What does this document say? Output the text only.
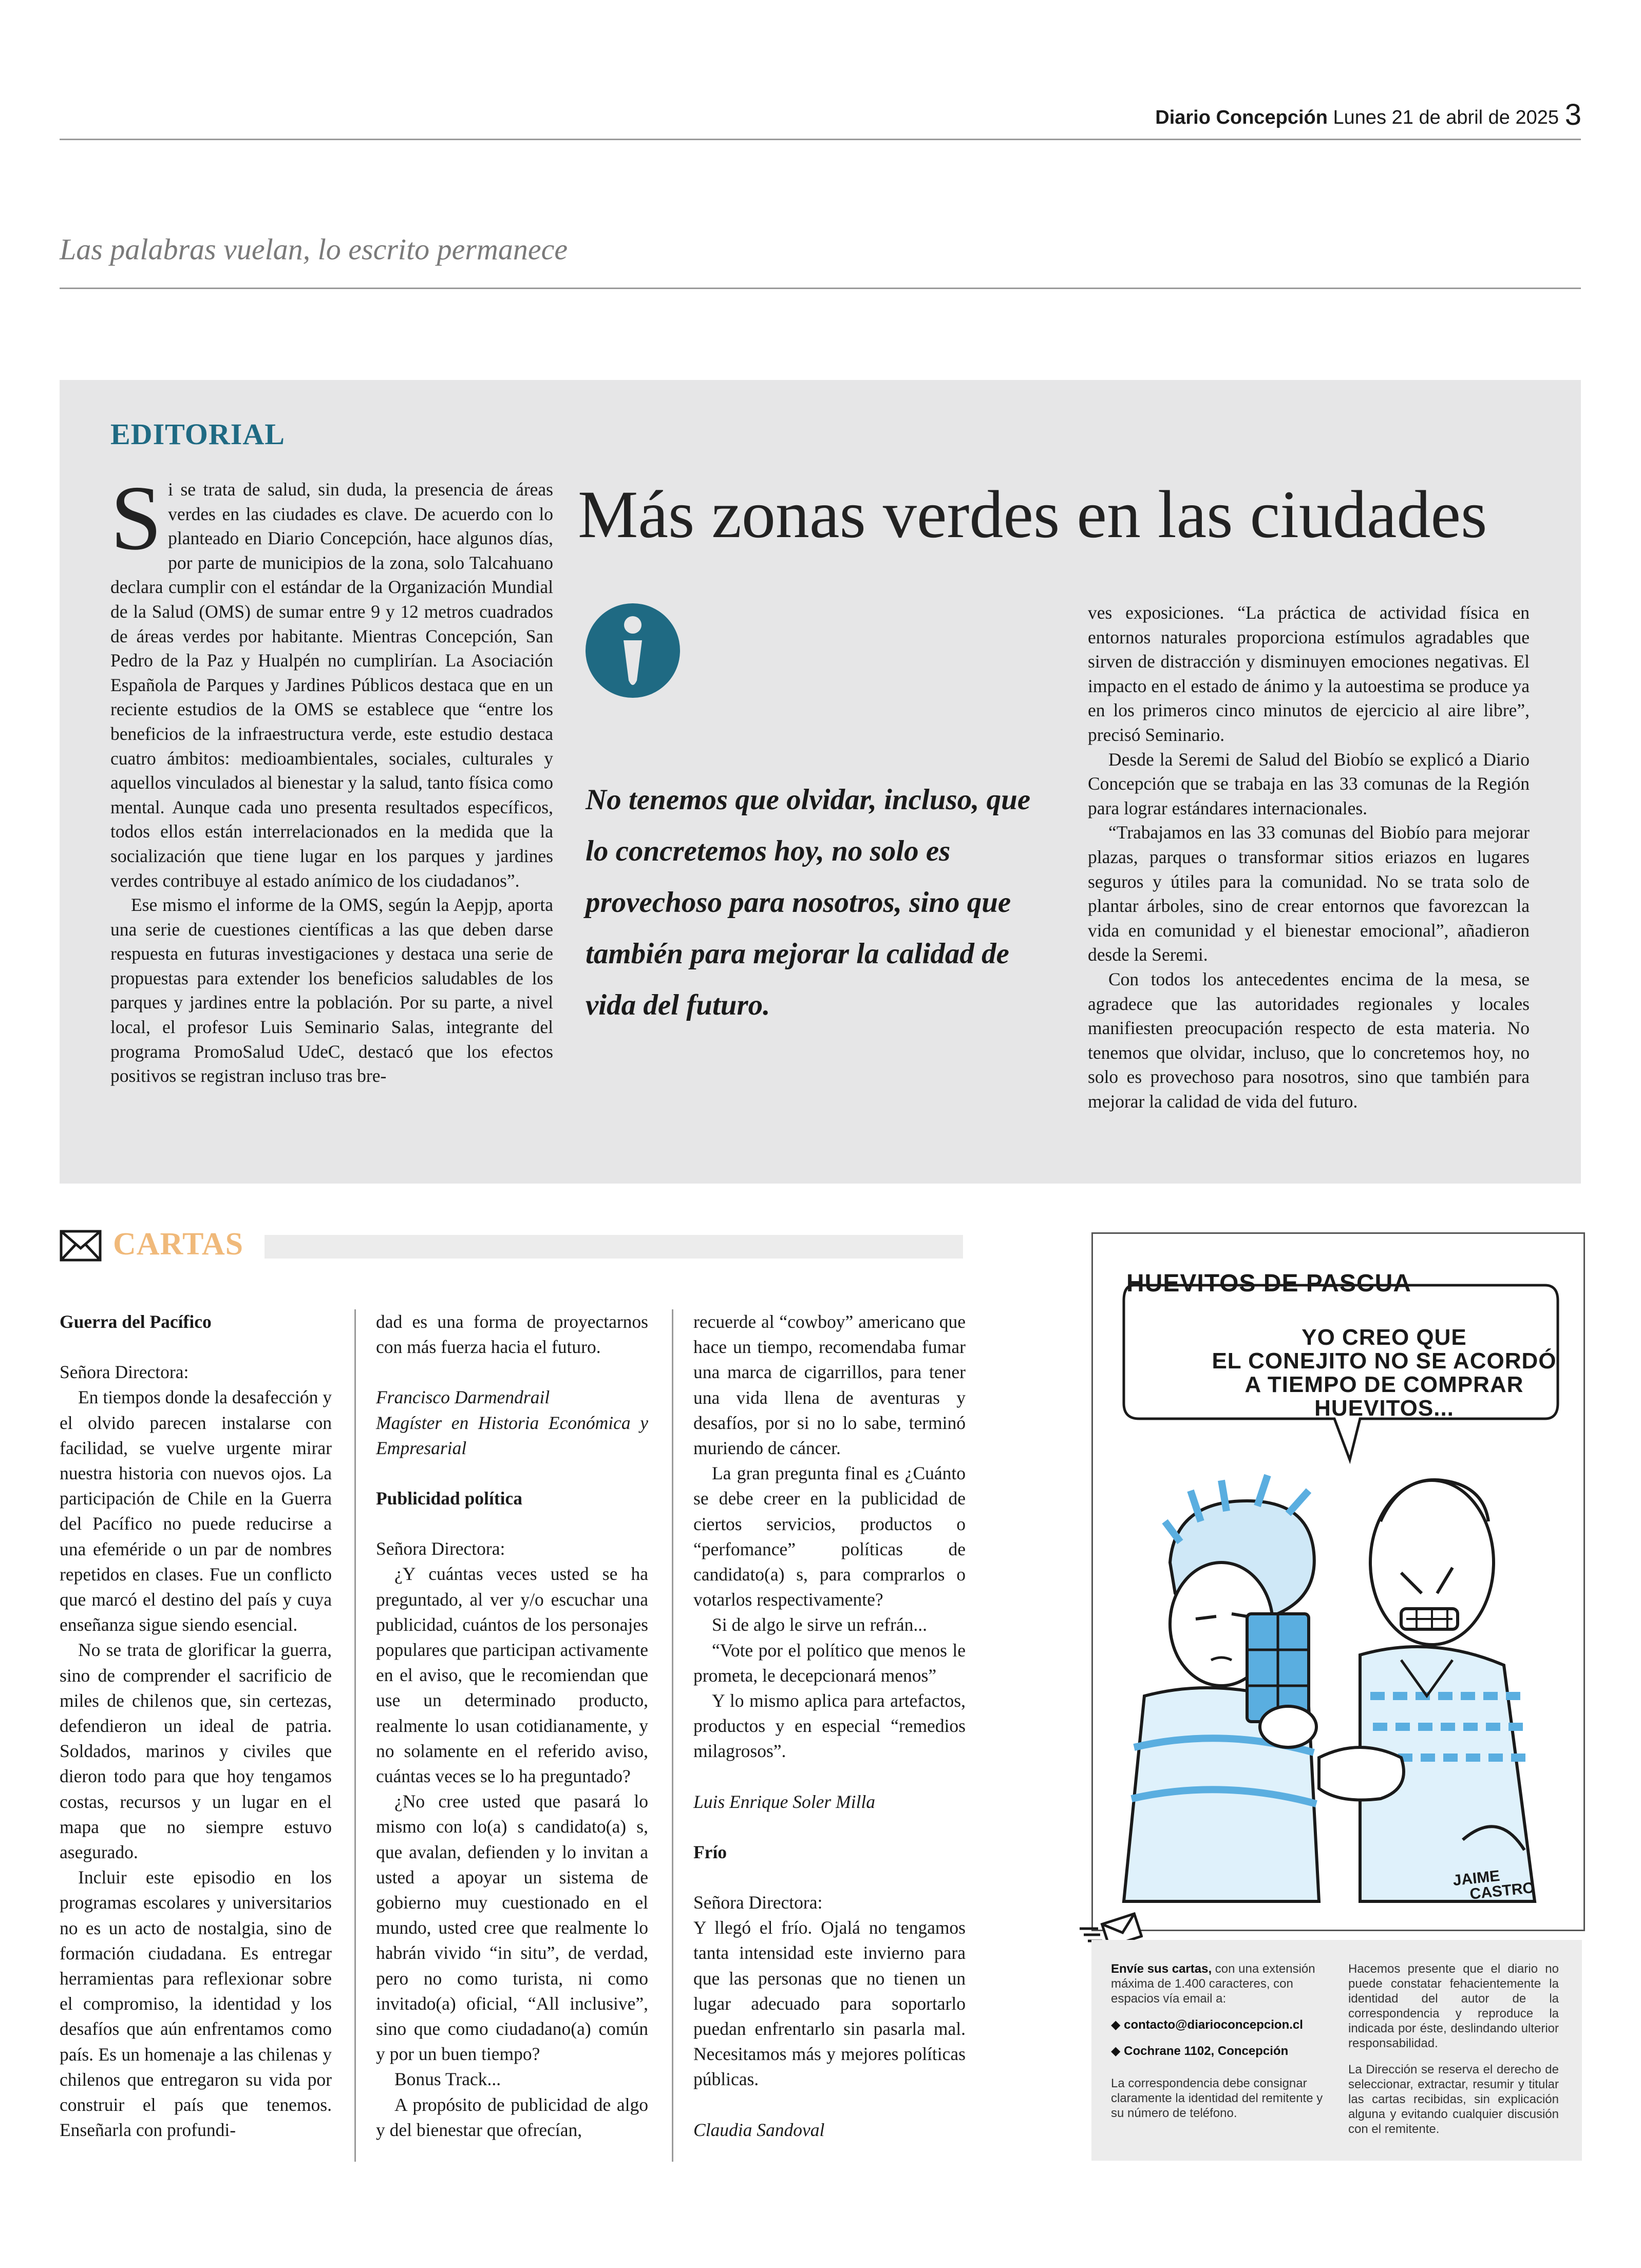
Diario Concepción Lunes 21 de abril de 2025 3
Las palabras vuelan, lo escrito permanece
EDITORIAL
Más zonas verdes en las ciudades

Si se trata de salud, sin duda, la presencia de áreas verdes en las ciudades es clave. De acuerdo con lo planteado en Diario Concepción, hace algunos días, por parte de municipios de la zona, solo Talcahuano declara cumplir con el estándar de la Organización Mundial de la Salud (OMS) de sumar entre 9 y 12 metros cuadrados de áreas verdes por habitante. Mientras Concepción, San Pedro de la Paz y Hualpén no cumplirían. La Asociación Española de Parques y Jardines Públicos destaca que en un reciente estudios de la OMS se establece que “entre los beneficios de la infraestructura verde, este estudio destaca cuatro ámbitos: medioambientales, sociales, culturales y aquellos vinculados al bienestar y la salud, tanto física como mental. Aunque cada uno presenta resultados específicos, todos ellos están interrelacionados en la medida que la socialización que tiene lugar en los parques y jardines verdes contribuye al estado anímico de los ciudadanos”.

Ese mismo el informe de la OMS, según la Aepjp, aporta una serie de cuestiones científicas a las que deben darse respuesta en futuras investigaciones y destaca una serie de propuestas para extender los beneficios saludables de los parques y jardines entre la población. Por su parte, a nivel local, el profesor Luis Seminario Salas, integrante del programa PromoSalud UdeC, destacó que los efectos positivos se registran incluso tras bre-

No tenemos que olvidar, incluso, que lo concretemos hoy, no solo es provechoso para nosotros, sino que también para mejorar la calidad de vida del futuro.

ves exposiciones. “La práctica de actividad física en entornos naturales proporciona estímulos agradables que sirven de distracción y disminuyen emociones negativas. El impacto en el estado de ánimo y la autoestima se produce ya en los primeros cinco minutos de ejercicio al aire libre”, precisó Seminario.

Desde la Seremi de Salud del Biobío se explicó a Diario Concepción que se trabaja en las 33 comunas de la Región para lograr estándares internacionales.

“Trabajamos en las 33 comunas del Biobío para mejorar plazas, parques o transformar sitios eriazos en lugares seguros y útiles para la comunidad. No se trata solo de plantar árboles, sino de crear entornos que favorezcan la vida en comunidad y el bienestar emocional”, añadieron desde la Seremi.

Con todos los antecedentes encima de la mesa, se agradece que las autoridades regionales y locales manifiesten preocupación respecto de esta materia. No tenemos que olvidar, incluso, que lo concretemos hoy, no solo es provechoso para nosotros, sino que también para mejorar la calidad de vida del futuro.

CARTAS

Guerra del Pacífico

Señora Directora:

En tiempos donde la desafección y el olvido parecen instalarse con facilidad, se vuelve urgente mirar nuestra historia con nuevos ojos. La participación de Chile en la Guerra del Pacífico no puede reducirse a una efeméride o un par de nombres repetidos en clases. Fue un conflicto que marcó el destino del país y cuya enseñanza sigue siendo esencial.

No se trata de glorificar la guerra, sino de comprender el sacrificio de miles de chilenos que, sin certezas, defendieron un ideal de patria. Soldados, marinos y civiles que dieron todo para que hoy tengamos costas, recursos y un lugar en el mapa que no siempre estuvo asegurado.

Incluir este episodio en los programas escolares y universitarios no es un acto de nostalgia, sino de formación ciudadana. Es entregar herramientas para reflexionar sobre el compromiso, la identidad y los desafíos que aún enfrentamos como país. Es un homenaje a las chilenas y chilenos que entregaron su vida por construir el país que tenemos. Enseñarla con profundi-

dad es una forma de proyectarnos con más fuerza hacia el futuro.

Francisco Darmendrail

Magíster en Historia Económica y Empresarial

Publicidad política

Señora Directora:

¿Y cuántas veces usted se ha preguntado, al ver y/o escuchar una publicidad, cuántos de los personajes populares que participan activamente en el aviso, que le recomiendan que use un determinado producto, realmente lo usan cotidianamente, y no solamente en el referido aviso, cuántas veces se lo ha preguntado?

¿No cree usted que pasará lo mismo con lo(a) s candidato(a) s, que avalan, defienden y lo invitan a usted a apoyar un sistema de gobierno muy cuestionado en el mundo, usted cree que realmente lo habrán vivido “in situ”, de verdad, pero no como turista, ni como invitado(a) oficial, “All inclusive”, sino que como ciudadano(a) común y por un buen tiempo?

Bonus Track...

A propósito de publicidad de algo y del bienestar que ofrecían,

recuerde al “cowboy” americano que hace un tiempo, recomendaba fumar una marca de cigarrillos, para tener una vida llena de aventuras y desafíos, por si no lo sabe, terminó muriendo de cáncer.

La gran pregunta final es ¿Cuánto se debe creer en la publicidad de ciertos servicios, productos o “perfomance” políticas de candidato(a) s, para comprarlos o votarlos respectivamente?

Si de algo le sirve un refrán...

“Vote por el político que menos le prometa, le decepcionará menos”

Y lo mismo aplica para artefactos, productos y en especial “remedios milagrosos”.

Luis Enrique Soler Milla

Frío

Señora Directora:

Y llegó el frío. Ojalá no tengamos tanta intensidad este invierno para que las personas que no tienen un lugar adecuado para soportarlo puedan enfrentarlo sin pasarla mal. Necesitamos más y mejores políticas públicas.

Claudia Sandoval

HUEVITOS DE PASCUA
YO CREO QUE
EL CONEJITO NO SE ACORDÓ
A TIEMPO DE COMPRAR
HUEVITOS...
JAIME
CASTRO
Envíe sus cartas, con una extensión máxima de 1.400 caracteres, con espacios vía email a:
◆ contacto@diarioconcepcion.cl
◆ Cochrane 1102, Concepción
La correspondencia debe consignar claramente la identidad del remitente y su número de teléfono.
Hacemos presente que el diario no puede constatar fehacientemente la identidad del autor de la correspondencia y reproduce la indicada por éste, deslindando ulterior responsabilidad.
La Dirección se reserva el derecho de seleccionar, extractar, resumir y titular las cartas recibidas, sin explicación alguna y evitando cualquier discusión con el remitente.
